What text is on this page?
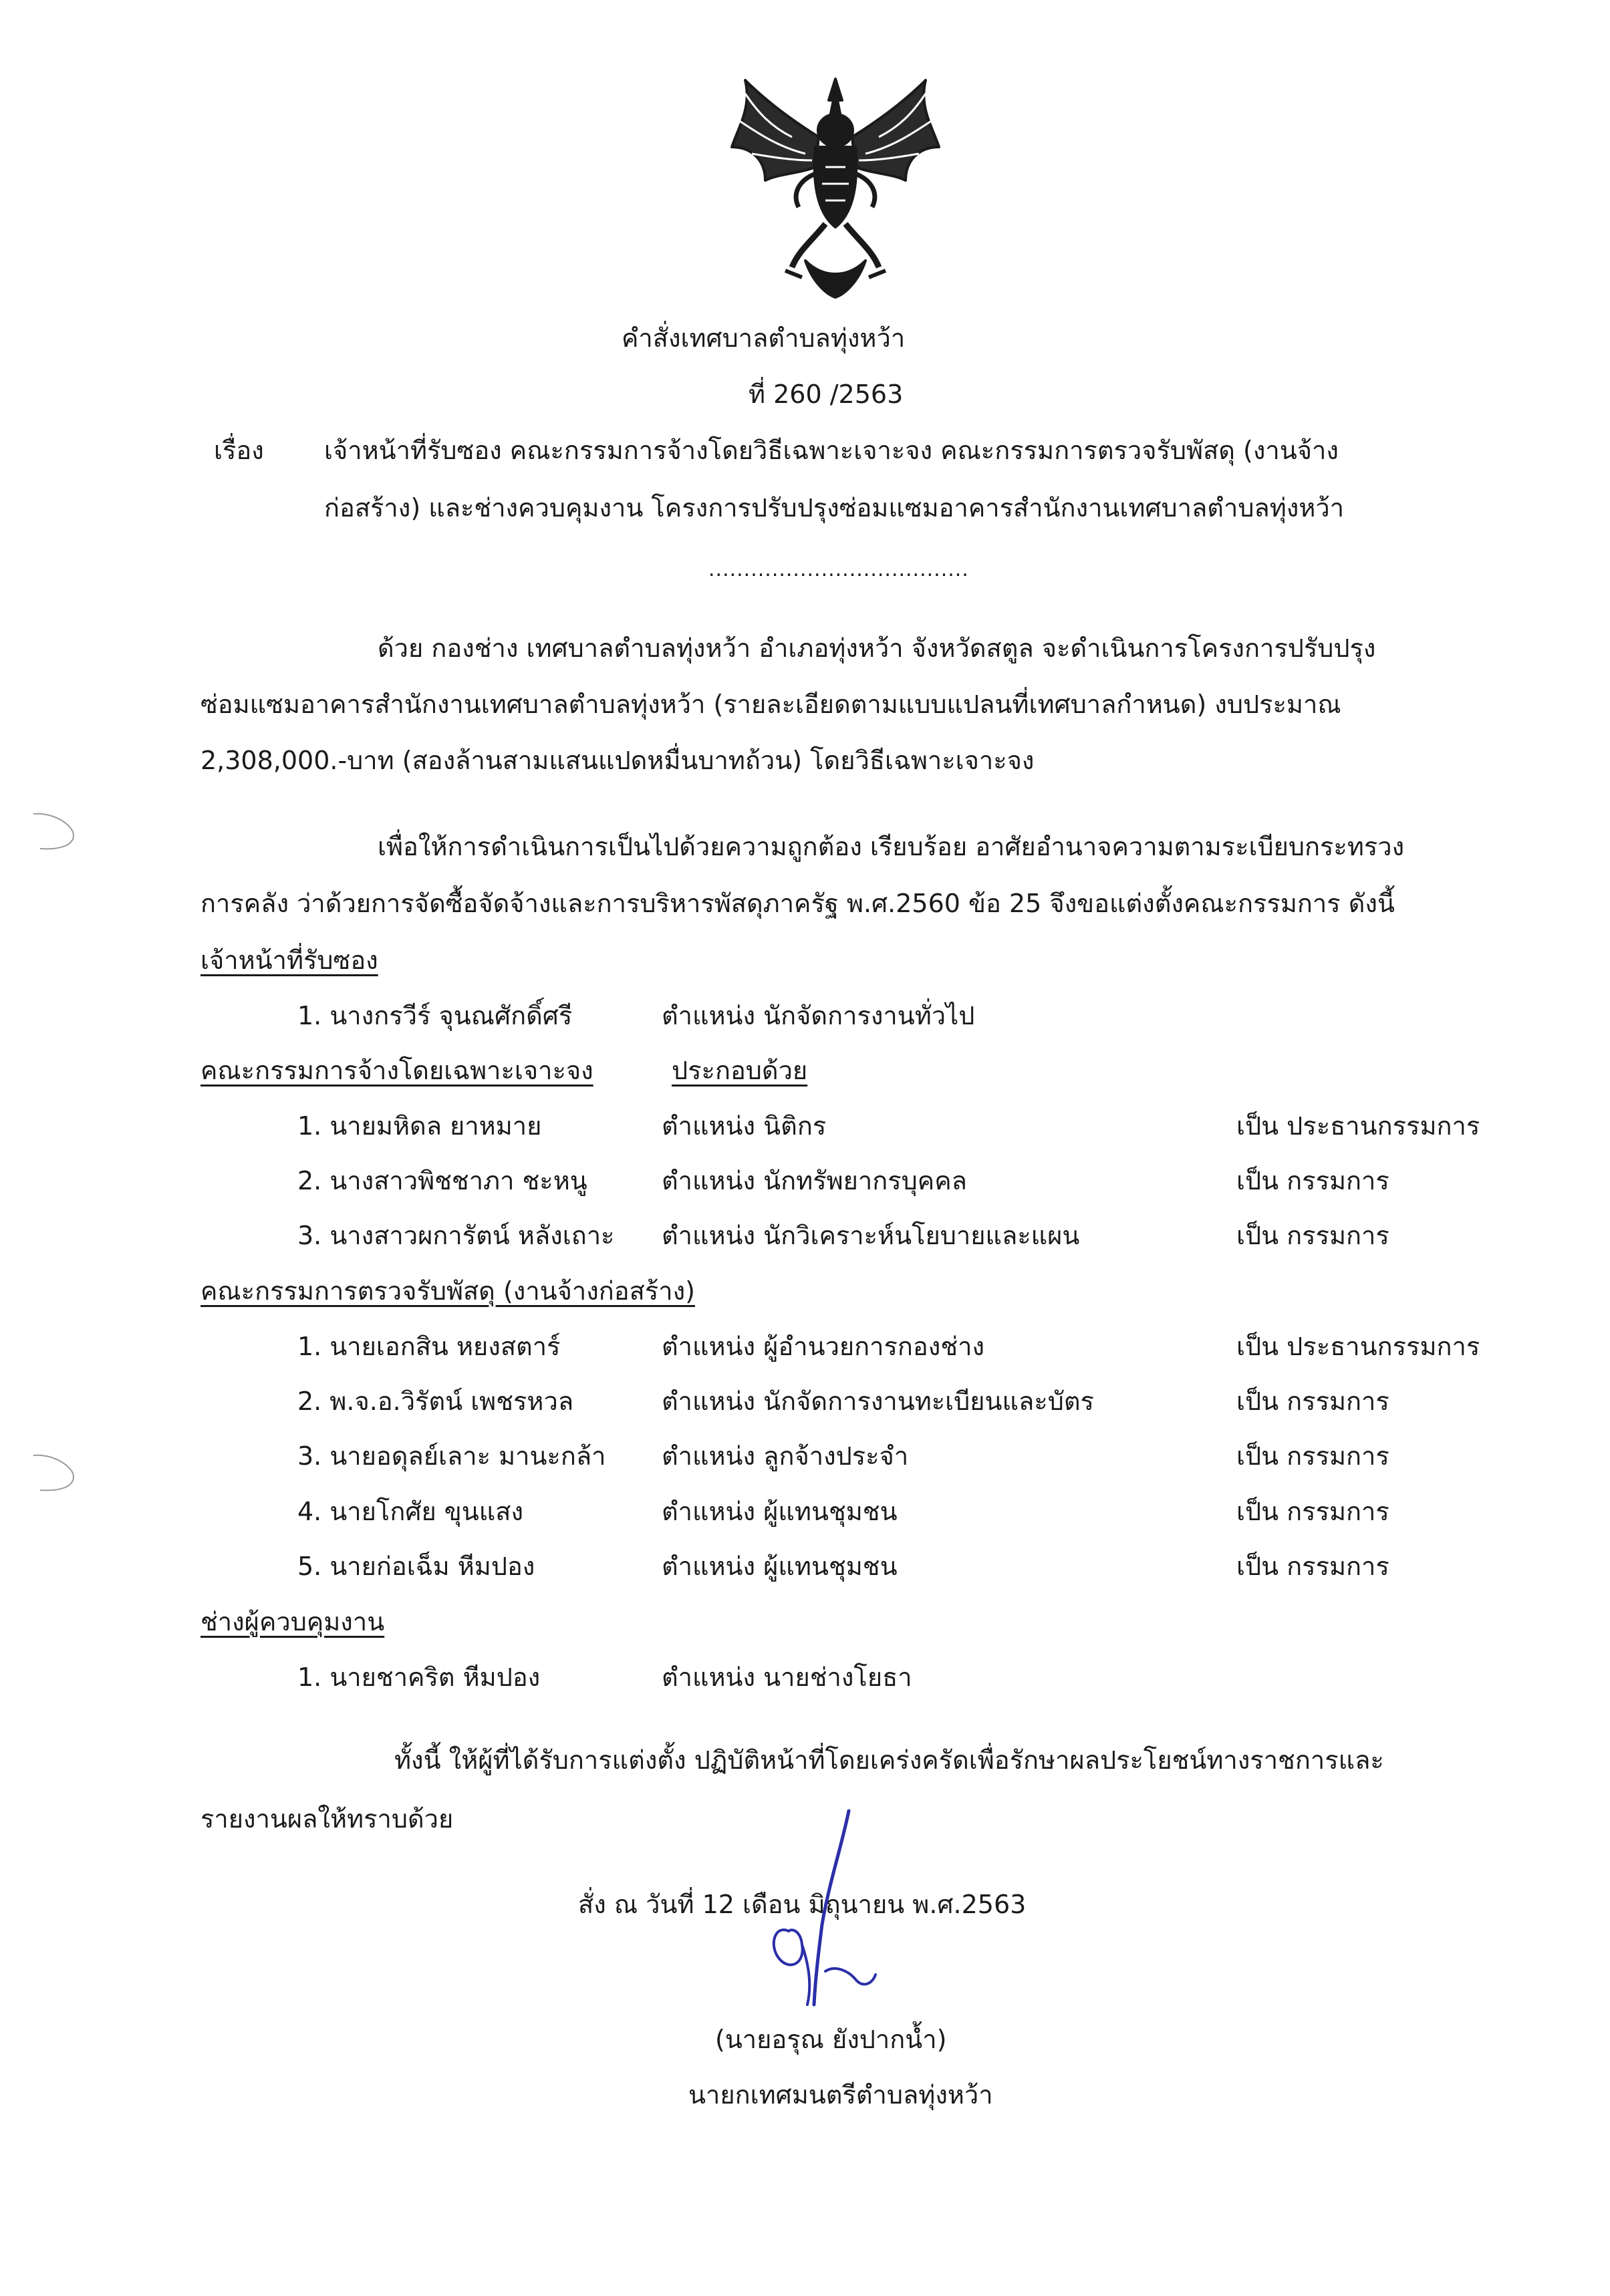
คำสั่งเทศบาลตำบลทุ่งหว้า
ที่ 260 /2563
เรื่อง เจ้าหน้าที่รับซอง คณะกรรมการจ้างโดยวิธีเฉพาะเจาะจง คณะกรรมการตรวจรับพัสดุ (งานจ้าง
ก่อสร้าง) และช่างควบคุมงาน โครงการปรับปรุงซ่อมแซมอาคารสำนักงานเทศบาลตำบลทุ่งหว้า
.....................................
ด้วย กองช่าง เทศบาลตำบลทุ่งหว้า อำเภอทุ่งหว้า จังหวัดสตูล จะดำเนินการโครงการปรับปรุง
ซ่อมแซมอาคารสำนักงานเทศบาลตำบลทุ่งหว้า (รายละเอียดตามแบบแปลนที่เทศบาลกำหนด) งบประมาณ
2,308,000.-บาท (สองล้านสามแสนแปดหมื่นบาทถ้วน) โดยวิธีเฉพาะเจาะจง
เพื่อให้การดำเนินการเป็นไปด้วยความถูกต้อง เรียบร้อย อาศัยอำนาจความตามระเบียบกระทรวง
การคลัง ว่าด้วยการจัดซื้อจัดจ้างและการบริหารพัสดุภาครัฐ พ.ศ.2560 ข้อ 25 จึงขอแต่งตั้งคณะกรรมการ ดังนี้
เจ้าหน้าที่รับซอง
1. นางกรวีร์ จุนณศักดิ์ศรี	ตำแหน่ง นักจัดการงานทั่วไป
คณะกรรมการจ้างโดยเฉพาะเจาะจง	ประกอบด้วย
1. นายมหิดล ยาหมาย	ตำแหน่ง นิติกร	เป็น ประธานกรรมการ
2. นางสาวพิชชาภา ชะหนู	ตำแหน่ง นักทรัพยากรบุคคล	เป็น กรรมการ
3. นางสาวผการัตน์ หลังเถาะ ตำแหน่ง นักวิเคราะห์นโยบายและแผน	เป็น กรรมการ
คณะกรรมการตรวจรับพัสดุ (งานจ้างก่อสร้าง)
1. นายเอกสิน หยงสตาร์	ตำแหน่ง ผู้อำนวยการกองช่าง	เป็น ประธานกรรมการ
2. พ.จ.อ.วิรัตน์ เพชรหวล	ตำแหน่ง นักจัดการงานทะเบียนและบัตร	เป็น กรรมการ
3. นายอดุลย์เลาะ มานะกล้า ตำแหน่ง ลูกจ้างประจำ	เป็น กรรมการ
4. นายโกศัย ขุนแสง	ตำแหน่ง ผู้แทนชุมชน	เป็น กรรมการ
5. นายก่อเฉ็ม หีมปอง	ตำแหน่ง ผู้แทนชุมชน	เป็น กรรมการ
ช่างผู้ควบคุมงาน
1. นายชาคริต หีมปอง	ตำแหน่ง นายช่างโยธา
ทั้งนี้ ให้ผู้ที่ได้รับการแต่งตั้ง ปฏิบัติหน้าที่โดยเคร่งครัดเพื่อรักษาผลประโยชน์ทางราชการและ
รายงานผลให้ทราบด้วย
สั่ง ณ วันที่ 12 เดือน มิถุนายน พ.ศ.2563
(นายอรุณ ยังปากน้ำ)
นายกเทศมนตรีตำบลทุ่งหว้า
